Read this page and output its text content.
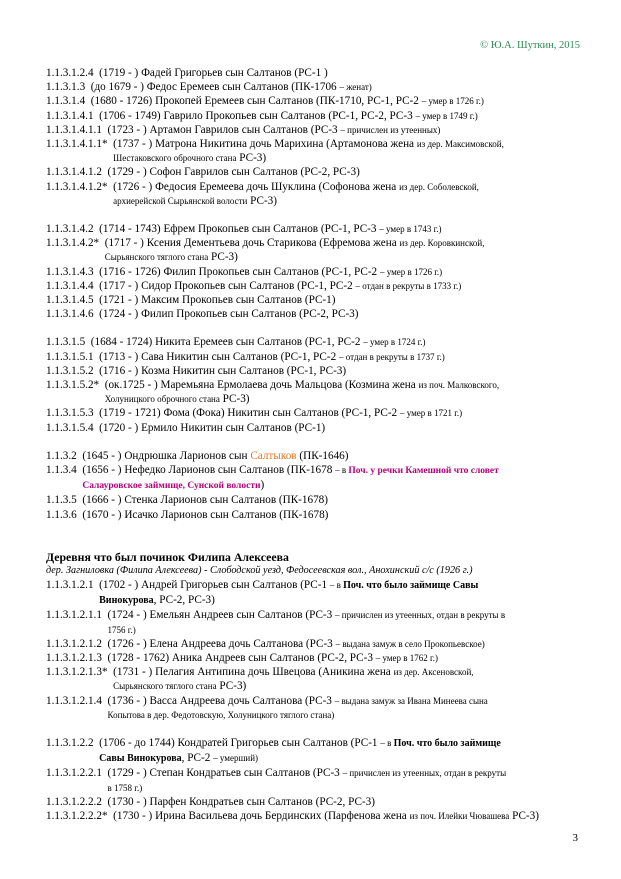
© Ю.А. Шуткин, 2015
1.1.3.1.2.4 (1719 - ) Фадей Григорьев сын Салтанов (РС-1 )
1.1.3.1.3 (до 1679 - ) Федос Еремеев сын Салтанов (ПК-1706 – женат)
1.1.3.1.4 (1680 - 1726) Прокопей Еремеев сын Салтанов (ПК-1710, РС-1, РС-2 – умер в 1726 г.)
1.1.3.1.4.1 (1706 - 1749) Гаврило Прокопьев сын Салтанов (РС-1, РС-2, РС-3 – умер в 1749 г.)
1.1.3.1.4.1.1 (1723 - ) Артамон Гаврилов сын Салтанов (РС-3 – причислен из утеенных)
1.1.3.1.4.1.1* (1737 - ) Матрона Никитина дочь Марихина (Артамонова жена из дер. Максимовской,
Шестаковского оброчного стана РС-3)
1.1.3.1.4.1.2 (1729 - ) Софон Гаврилов сын Салтанов (РС-2, РС-3)
1.1.3.1.4.1.2* (1726 - ) Федосия Еремеева дочь Шуклина (Софонова жена из дер. Соболевской,
архиерейской Сырьянской волости РС-3)
1.1.3.1.4.2 (1714 - 1743) Ефрем Прокопьев сын Салтанов (РС-1, РС-3 – умер в 1743 г.)
1.1.3.1.4.2* (1717 - ) Ксения Дементьева дочь Старикова (Ефремова жена из дер. Коровкинской,
Сырьянского тяглого стана РС-3)
1.1.3.1.4.3 (1716 - 1726) Филип Прокопьев сын Салтанов (РС-1, РС-2 – умер в 1726 г.)
1.1.3.1.4.4 (1717 - ) Сидор Прокопьев сын Салтанов (РС-1, РС-2 – отдан в рекруты в 1733 г.)
1.1.3.1.4.5 (1721 - ) Максим Прокопьев сын Салтанов (РС-1)
1.1.3.1.4.6 (1724 - ) Филип Прокопьев сын Салтанов (РС-2, РС-3)
1.1.3.1.5 (1684 - 1724) Никита Еремеев сын Салтанов (РС-1, РС-2 – умер в 1724 г.)
1.1.3.1.5.1 (1713 - ) Сава Никитин сын Салтанов (РС-1, РС-2 – отдан в рекруты в 1737 г.)
1.1.3.1.5.2 (1716 - ) Козма Никитин сын Салтанов (РС-1, РС-3)
1.1.3.1.5.2* (ок.1725 - ) Маремьяна Ермолаева дочь Мальцова (Козмина жена из поч. Малковского,
Холуницкого оброчного стана РС-3)
1.1.3.1.5.3 (1719 - 1721) Фома (Фока) Никитин сын Салтанов (РС-1, РС-2 – умер в 1721 г.)
1.1.3.1.5.4 (1720 - ) Ермило Никитин сын Салтанов (РС-1)
1.1.3.2 (1645 - ) Ондрюшка Ларионов сын Салтыков (ПК-1646)
1.1.3.4 (1656 - ) Нефедко Ларионов сын Салтанов (ПК-1678 – в Поч. у речки Камешной что словет
Салауровское займище, Сунской волости)
1.1.3.5 (1666 - ) Стенка Ларионов сын Салтанов (ПК-1678)
1.1.3.6 (1670 - ) Исачко Ларионов сын Салтанов (ПК-1678)
Деревня что был починок Филипа Алексеева
дер. Загниловка (Филипа Алексеева) - Слободской уезд, Федосеевская вол., Анохинский с/с (1926 г.)
1.1.3.1.2.1 (1702 - ) Андрей Григорьев сын Салтанов (РС-1 – в Поч. что было займище Савы
Винокурова, РС-2, РС-3)
1.1.3.1.2.1.1 (1724 - ) Емельян Андреев сын Салтанов (РС-3 – причислен из утеенных, отдан в рекруты в
1756 г.)
1.1.3.1.2.1.2 (1726 - ) Елена Андреева дочь Салтанова (РС-3 – выдана замуж в село Прокопьевское)
1.1.3.1.2.1.3 (1728 - 1762) Аника Андреев сын Салтанов (РС-2, РС-3 – умер в 1762 г.)
1.1.3.1.2.1.3* (1731 - ) Пелагия Антипина дочь Швецова (Аникина жена из дер. Аксеновской,
Сырьянского тяглого стана РС-3)
1.1.3.1.2.1.4 (1736 - ) Васса Андреева дочь Салтанова (РС-3 – выдана замуж за Ивана Минеева сына
Копытова в дер. Федотовскую, Холуницкого тяглого стана)
1.1.3.1.2.2 (1706 - до 1744) Кондратей Григорьев сын Салтанов (РС-1 – в Поч. что было займище
Савы Винокурова, РС-2 – умерший)
1.1.3.1.2.2.1 (1729 - ) Степан Кондратьев сын Салтанов (РС-3 – причислен из утеенных, отдан в рекруты
в 1758 г.)
1.1.3.1.2.2.2 (1730 - ) Парфен Кондратьев сын Салтанов (РС-2, РС-3)
1.1.3.1.2.2.2* (1730 - ) Ирина Васильева дочь Бердинских (Парфенова жена из поч. Илейки Чювашева РС-3)
3
